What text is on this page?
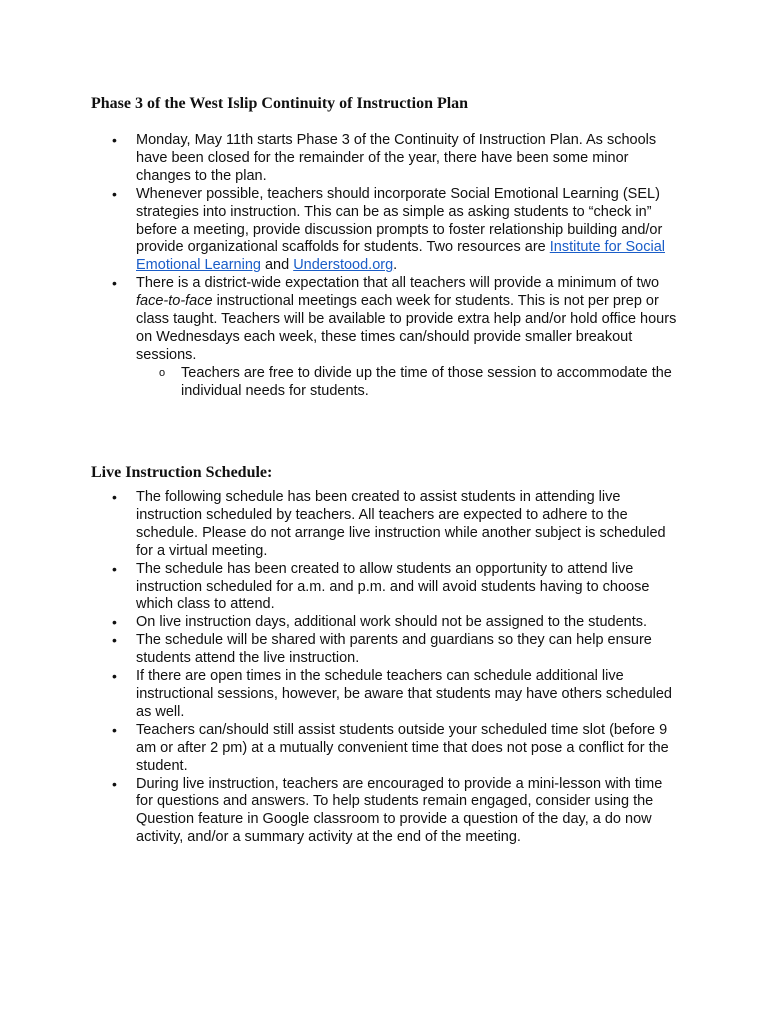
Phase 3 of the West Islip Continuity of Instruction Plan
• Monday, May 11th starts Phase 3 of the Continuity of Instruction Plan. As schools have been closed for the remainder of the year, there have been some minor changes to the plan.
• Whenever possible, teachers should incorporate Social Emotional Learning (SEL) strategies into instruction. This can be as simple as asking students to “check in” before a meeting, provide discussion prompts to foster relationship building and/or provide organizational scaffolds for students. Two resources are Institute for Social Emotional Learning and Understood.org.
• There is a district-wide expectation that all teachers will provide a minimum of two face-to-face instructional meetings each week for students. This is not per prep or class taught. Teachers will be available to provide extra help and/or hold office hours on Wednesdays each week, these times can/should provide smaller breakout sessions.
o Teachers are free to divide up the time of those session to accommodate the individual needs for students.
Live Instruction Schedule:
• The following schedule has been created to assist students in attending live instruction scheduled by teachers. All teachers are expected to adhere to the schedule. Please do not arrange live instruction while another subject is scheduled for a virtual meeting.
• The schedule has been created to allow students an opportunity to attend live instruction scheduled for a.m. and p.m. and will avoid students having to choose which class to attend.
• On live instruction days, additional work should not be assigned to the students.
• The schedule will be shared with parents and guardians so they can help ensure students attend the live instruction.
• If there are open times in the schedule teachers can schedule additional live instructional sessions, however, be aware that students may have others scheduled as well.
• Teachers can/should still assist students outside your scheduled time slot (before 9 am or after 2 pm) at a mutually convenient time that does not pose a conflict for the student.
• During live instruction, teachers are encouraged to provide a mini-lesson with time for questions and answers. To help students remain engaged, consider using the Question feature in Google classroom to provide a question of the day, a do now activity, and/or a summary activity at the end of the meeting.
